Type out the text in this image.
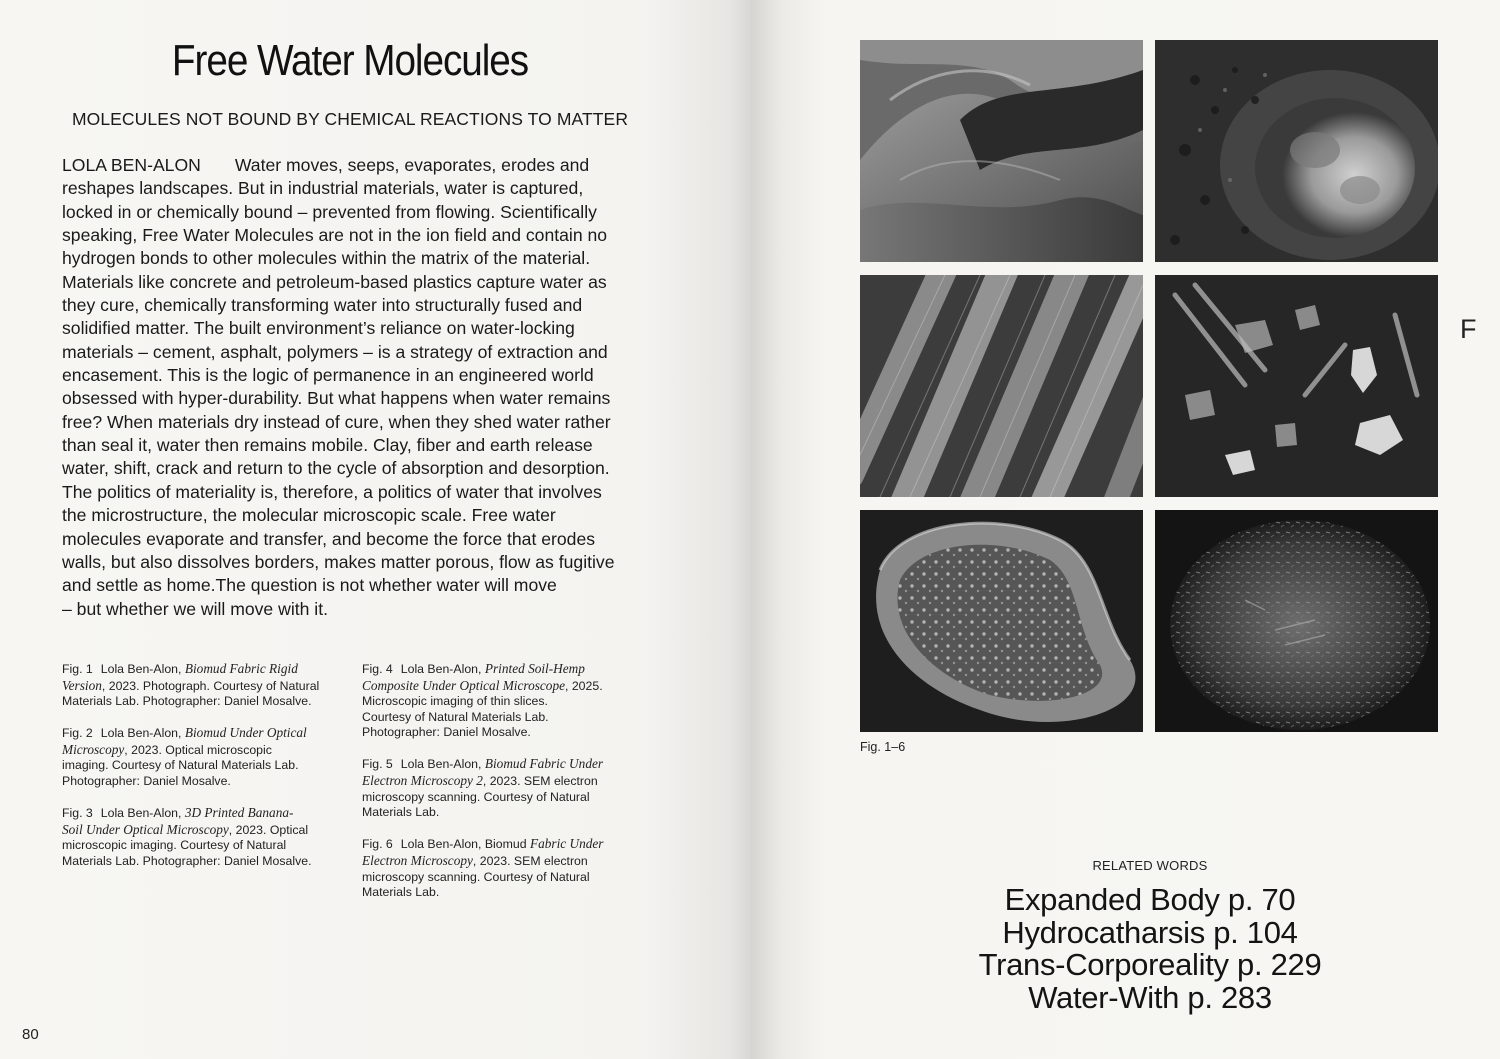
Free Water Molecules
MOLECULES NOT BOUND BY CHEMICAL REACTIONS TO MATTER
LOLA BEN-ALON Water moves, seeps, evaporates, erodes and
reshapes landscapes. But in industrial materials, water is captured,
locked in or chemically bound – prevented from flowing. Scientifically
speaking, Free Water Molecules are not in the ion field and contain no
hydrogen bonds to other molecules within the matrix of the material.
Materials like concrete and petroleum-based plastics capture water as
they cure, chemically transforming water into structurally fused and
solidified matter. The built environment’s reliance on water-locking
materials – cement, asphalt, polymers – is a strategy of extraction and
encasement. This is the logic of permanence in an engineered world
obsessed with hyper-durability. But what happens when water remains
free? When materials dry instead of cure, when they shed water rather
than seal it, water then remains mobile. Clay, fiber and earth release
water, shift, crack and return to the cycle of absorption and desorption.
The politics of materiality is, therefore, a politics of water that involves
the microstructure, the molecular microscopic scale. Free water
molecules evaporate and transfer, and become the force that erodes
walls, but also dissolves borders, makes matter porous, flow as fugitive
and settle as home.The question is not whether water will move
– but whether we will move with it.
Fig. 1 Lola Ben-Alon, Biomud Fabric Rigid
Version, 2023. Photograph. Courtesy of Natural
Materials Lab. Photographer: Daniel Mosalve.
Fig. 2 Lola Ben-Alon, Biomud Under Optical
Microscopy, 2023. Optical microscopic
imaging. Courtesy of Natural Materials Lab.
Photographer: Daniel Mosalve.
Fig. 3 Lola Ben-Alon, 3D Printed Banana-
Soil Under Optical Microscopy, 2023. Optical
microscopic imaging. Courtesy of Natural
Materials Lab. Photographer: Daniel Mosalve.
Fig. 4 Lola Ben-Alon, Printed Soil-Hemp
Composite Under Optical Microscope, 2025.
Microscopic imaging of thin slices.
Courtesy of Natural Materials Lab.
Photographer: Daniel Mosalve.
Fig. 5 Lola Ben-Alon, Biomud Fabric Under
Electron Microscopy 2, 2023. SEM electron
microscopy scanning. Courtesy of Natural
Materials Lab.
Fig. 6 Lola Ben-Alon, Biomud Fabric Under
Electron Microscopy, 2023. SEM electron
microscopy scanning. Courtesy of Natural
Materials Lab.
80
Fig. 1–6
F
RELATED WORDS
Expanded Body p. 70
Hydrocatharsis p. 104
Trans-Corporeality p. 229
Water-With p. 283
